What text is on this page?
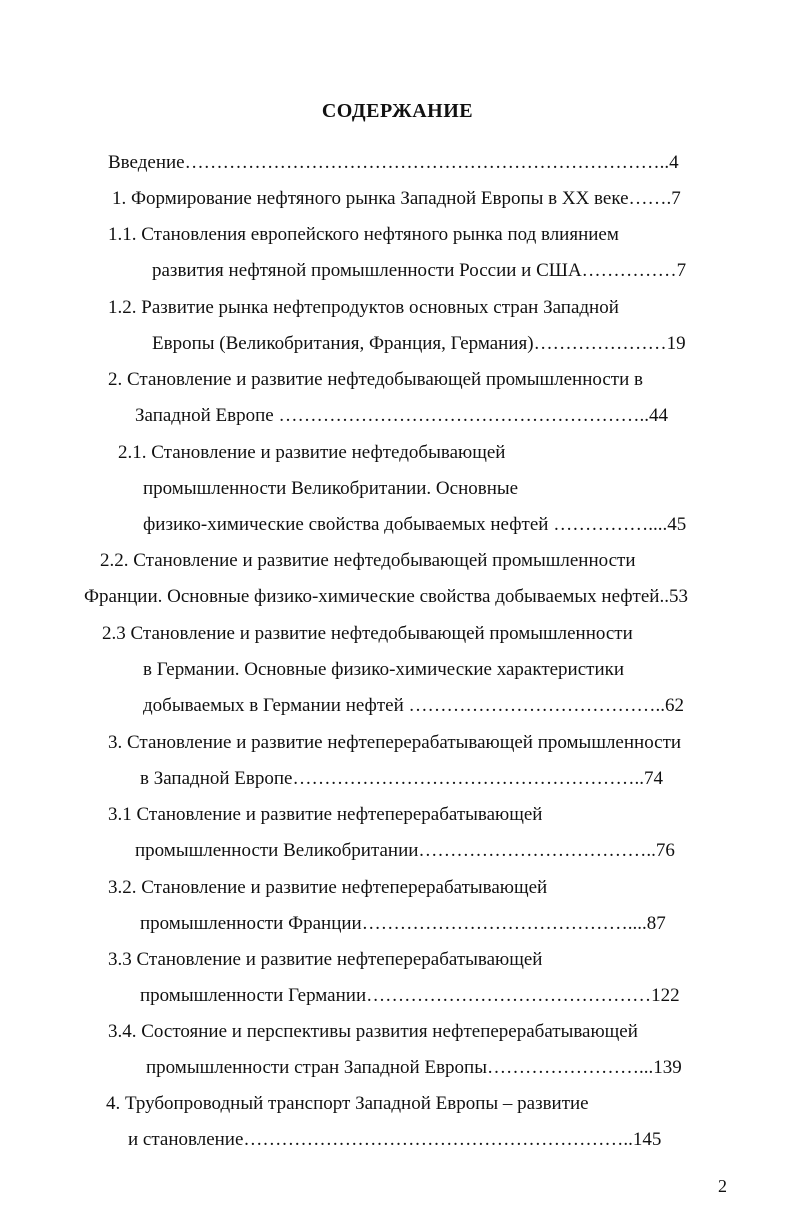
СОДЕРЖАНИЕ
Введение…………………………………………………………………..4
1. Формирование нефтяного рынка Западной Европы в XX веке…….7
1.1. Становления европейского нефтяного рынка под влиянием
развития нефтяной промышленности России и США……………7
1.2. Развитие рынка нефтепродуктов основных стран Западной
Европы (Великобритания, Франция, Германия)…………………19
2. Становление и развитие нефтедобывающей промышленности в
Западной Европе …………………………………………………..44
2.1. Становление и развитие нефтедобывающей
промышленности Великобритании. Основные
физико-химические свойства добываемых нефтей ……………....45
2.2. Становление и развитие нефтедобывающей промышленности
Франции. Основные физико-химические свойства добываемых нефтей..53
2.3 Становление и развитие нефтедобывающей промышленности
в Германии. Основные физико-химические характеристики
добываемых в Германии нефтей …………………………………..62
3. Становление и развитие нефтеперерабатывающей промышленности
в Западной Европе………………………………………………..74
3.1 Становление и развитие нефтеперерабатывающей
промышленности Великобритании………………………………..76
3.2. Становление и развитие нефтеперерабатывающей
промышленности Франции……………………………………....87
3.3 Становление и развитие нефтеперерабатывающей
промышленности Германии………………………………………122
3.4. Состояние и перспективы развития нефтеперерабатывающей
промышленности стран Западной Европы……………………...139
4. Трубопроводный транспорт Западной Европы – развитие
и становление……………………………………………………..145
2
